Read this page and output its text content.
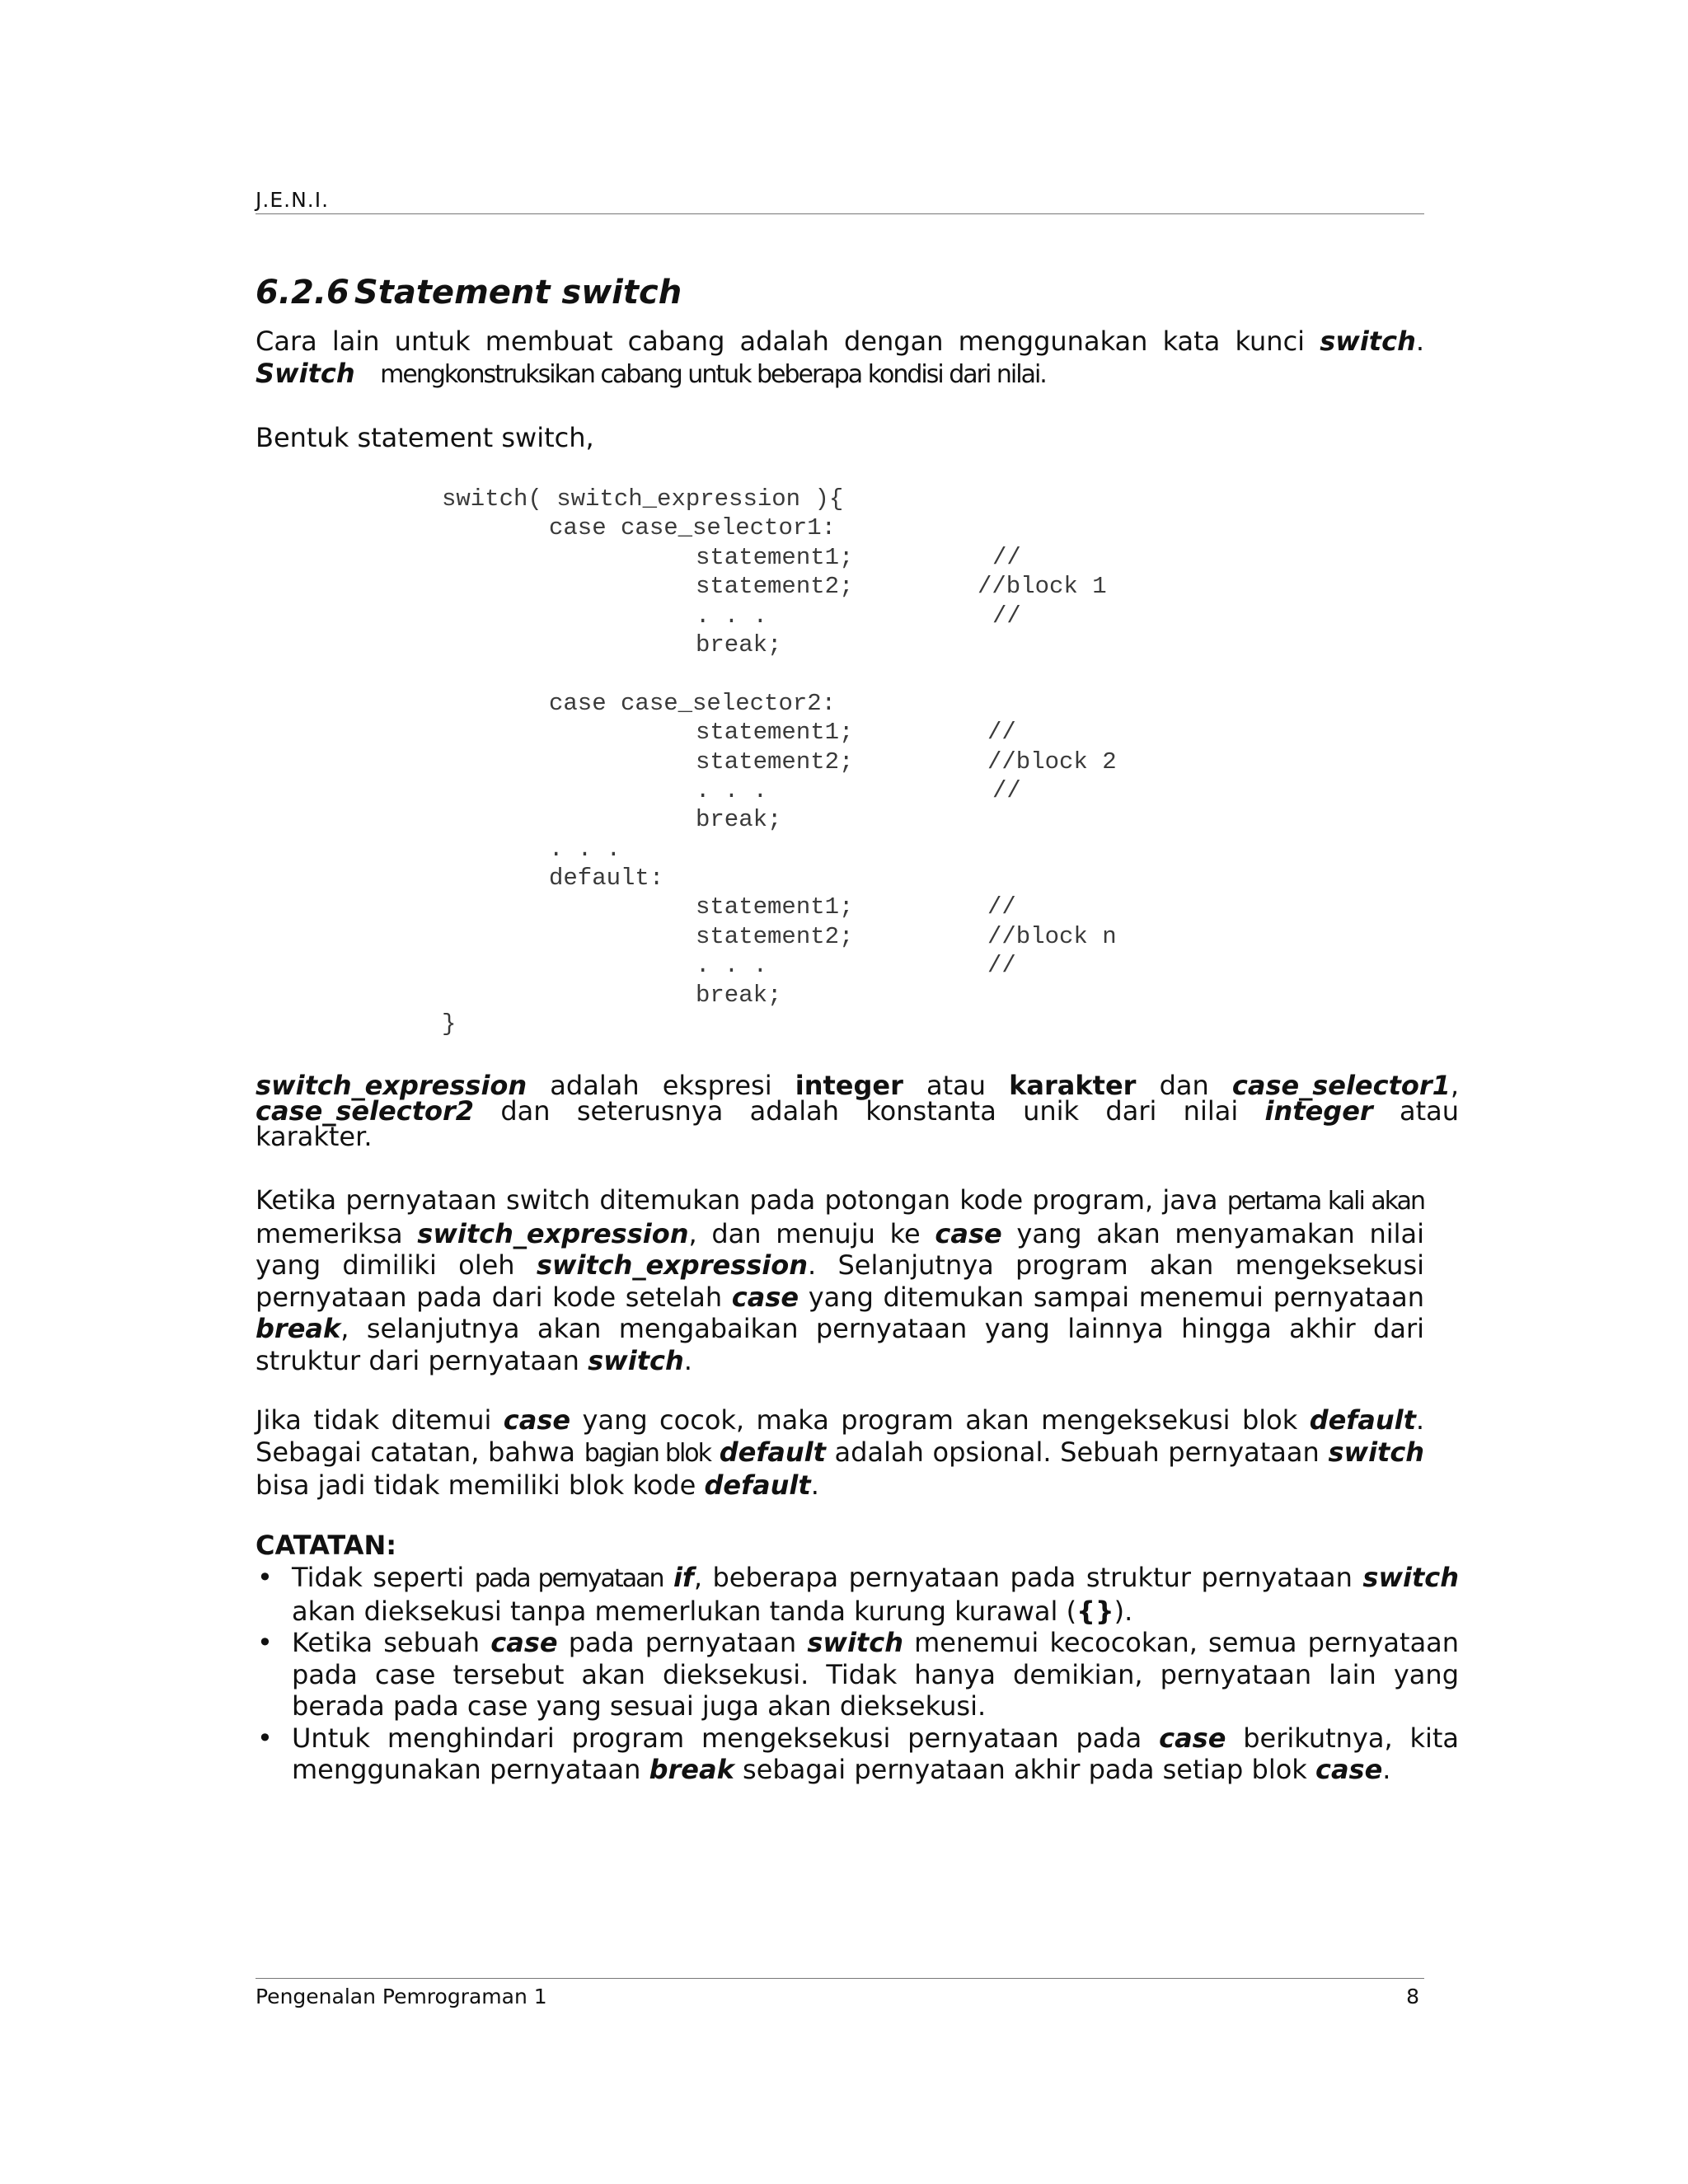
J.E.N.I.
6.2.6 Statement switch

Cara lain untuk membuat cabang adalah dengan menggunakan kata kunci switch.
Switch mengkonstruksikan cabang untuk beberapa kondisi dari nilai.

Bentuk statement switch,

switch( switch_expression ){
case case_selector1:
statement1;	//
statement2;	//block 1
. . .	//
break;
case case_selector2:
statement1;	//
statement2;	//block 2
. . .	//
break;
. . .
default:
statement1;	//
statement2;	//block n
. . .	//
break;
}

switch_expression adalah ekspresi integer atau karakter dan case_selector1,
case_selector2 dan seterusnya adalah konstanta unik dari nilai integer atau
karakter.

Ketika pernyataan switch ditemukan pada potongan kode program, java pertama kali akan memeriksa switch_expression, dan menuju ke case yang akan menyamakan nilai yang dimiliki oleh switch_expression. Selanjutnya program akan mengeksekusi pernyataan pada dari kode setelah case yang ditemukan sampai menemui pernyataan break, selanjutnya akan mengabaikan pernyataan yang lainnya hingga akhir dari struktur dari pernyataan switch.

Jika tidak ditemui case yang cocok, maka program akan mengeksekusi blok default. Sebagai catatan, bahwa bagian blok default adalah opsional. Sebuah pernyataan switch bisa jadi tidak memiliki blok kode default.

CATATAN:

• Tidak seperti pada pernyataan if, beberapa pernyataan pada struktur pernyataan switch akan dieksekusi tanpa memerlukan tanda kurung kurawal ({}).
• Ketika sebuah case pada pernyataan switch menemui kecocokan, semua pernyataan pada case tersebut akan dieksekusi. Tidak hanya demikian, pernyataan lain yang berada pada case yang sesuai juga akan dieksekusi.
• Untuk menghindari program mengeksekusi pernyataan pada case berikutnya, kita menggunakan pernyataan break sebagai pernyataan akhir pada setiap blok case.
Pengenalan Pemrograman 1	8
